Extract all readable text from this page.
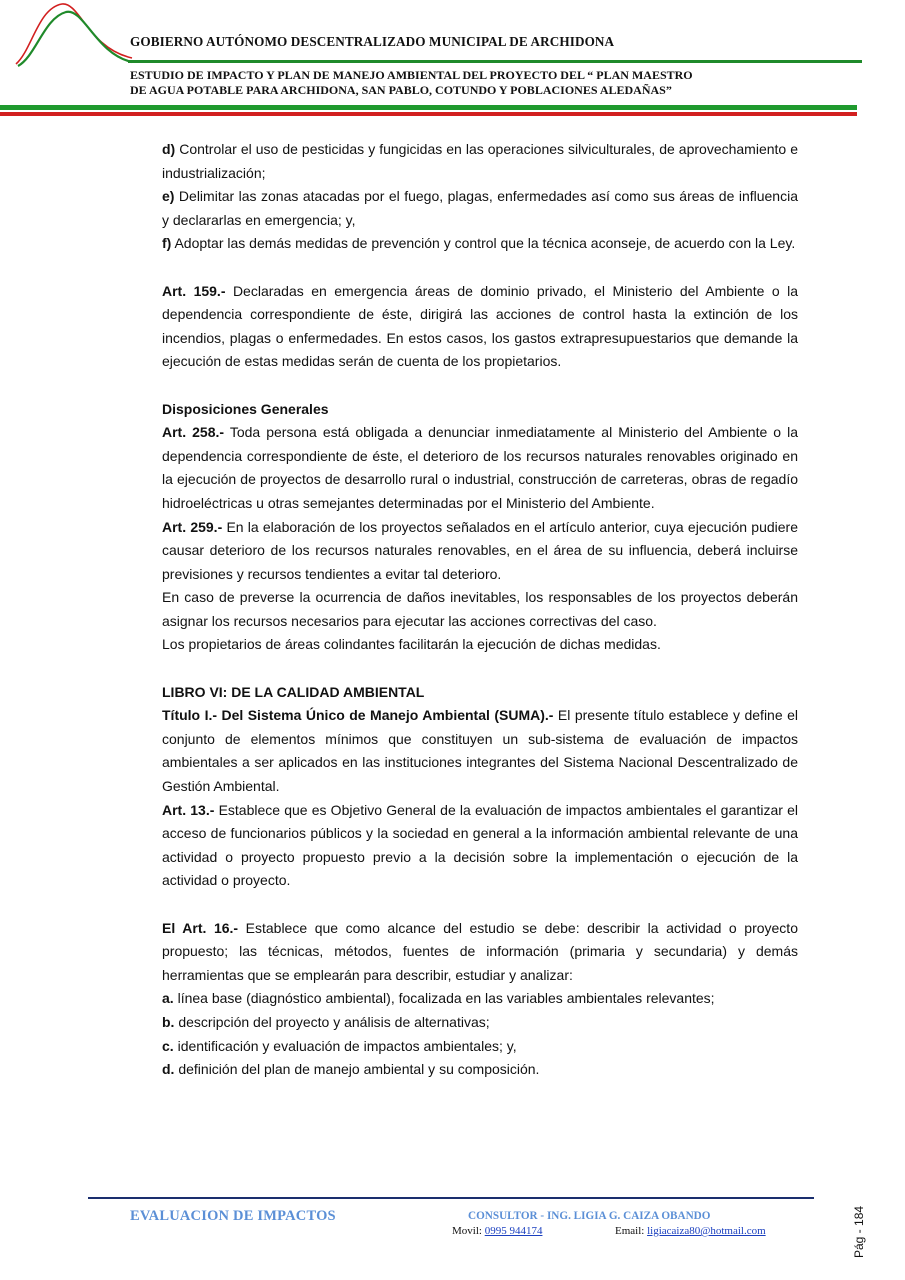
GOBIERNO AUTÓNOMO DESCENTRALIZADO MUNICIPAL DE ARCHIDONA
ESTUDIO DE IMPACTO Y PLAN DE MANEJO AMBIENTAL DEL PROYECTO DEL “ PLAN MAESTRO
DE AGUA POTABLE PARA ARCHIDONA, SAN PABLO, COTUNDO Y POBLACIONES ALEDAÑAS”

d) Controlar el uso de pesticidas y fungicidas en las operaciones silviculturales, de aprovechamiento e industrialización;

e) Delimitar las zonas atacadas por el fuego, plagas, enfermedades así como sus áreas de influencia y declararlas en emergencia; y,

f) Adoptar las demás medidas de prevención y control que la técnica aconseje, de acuerdo con la Ley.

Art. 159.- Declaradas en emergencia áreas de dominio privado, el Ministerio del Ambiente o la dependencia correspondiente de éste, dirigirá las acciones de control hasta la extinción de los incendios, plagas o enfermedades. En estos casos, los gastos extrapresupuestarios que demande la ejecución de estas medidas serán de cuenta de los propietarios.

Disposiciones Generales

Art. 258.- Toda persona está obligada a denunciar inmediatamente al Ministerio del Ambiente o la dependencia correspondiente de éste, el deterioro de los recursos naturales renovables originado en la ejecución de proyectos de desarrollo rural o industrial, construcción de carreteras, obras de regadío hidroeléctricas u otras semejantes determinadas por el Ministerio del Ambiente.

Art. 259.- En la elaboración de los proyectos señalados en el artículo anterior, cuya ejecución pudiere causar deterioro de los recursos naturales renovables, en el área de su influencia, deberá incluirse previsiones y recursos tendientes a evitar tal deterioro.

En caso de preverse la ocurrencia de daños inevitables, los responsables de los proyectos deberán asignar los recursos necesarios para ejecutar las acciones correctivas del caso.

Los propietarios de áreas colindantes facilitarán la ejecución de dichas medidas.

LIBRO VI: DE LA CALIDAD AMBIENTAL

Título I.- Del Sistema Único de Manejo Ambiental (SUMA).- El presente título establece y define el conjunto de elementos mínimos que constituyen un sub-sistema de evaluación de impactos ambientales a ser aplicados en las instituciones integrantes del Sistema Nacional Descentralizado de Gestión Ambiental.

Art. 13.- Establece que es Objetivo General de la evaluación de impactos ambientales el garantizar el acceso de funcionarios públicos y la sociedad en general a la información ambiental relevante de una actividad o proyecto propuesto previo a la decisión sobre la implementación o ejecución de la actividad o proyecto.

El Art. 16.- Establece que como alcance del estudio se debe: describir la actividad o proyecto propuesto; las técnicas, métodos, fuentes de información (primaria y secundaria) y demás herramientas que se emplearán para describir, estudiar y analizar:

a. línea base (diagnóstico ambiental), focalizada en las variables ambientales relevantes;

b. descripción del proyecto y análisis de alternativas;

c. identificación y evaluación de impactos ambientales; y,

d. definición del plan de manejo ambiental y su composición.

EVALUACION DE IMPACTOS	CONSULTOR - ING. LIGIA G. CAIZA OBANDO
Movil: 0995 944174	Email: ligiacaiza80@hotmail.com	Pág - 184
